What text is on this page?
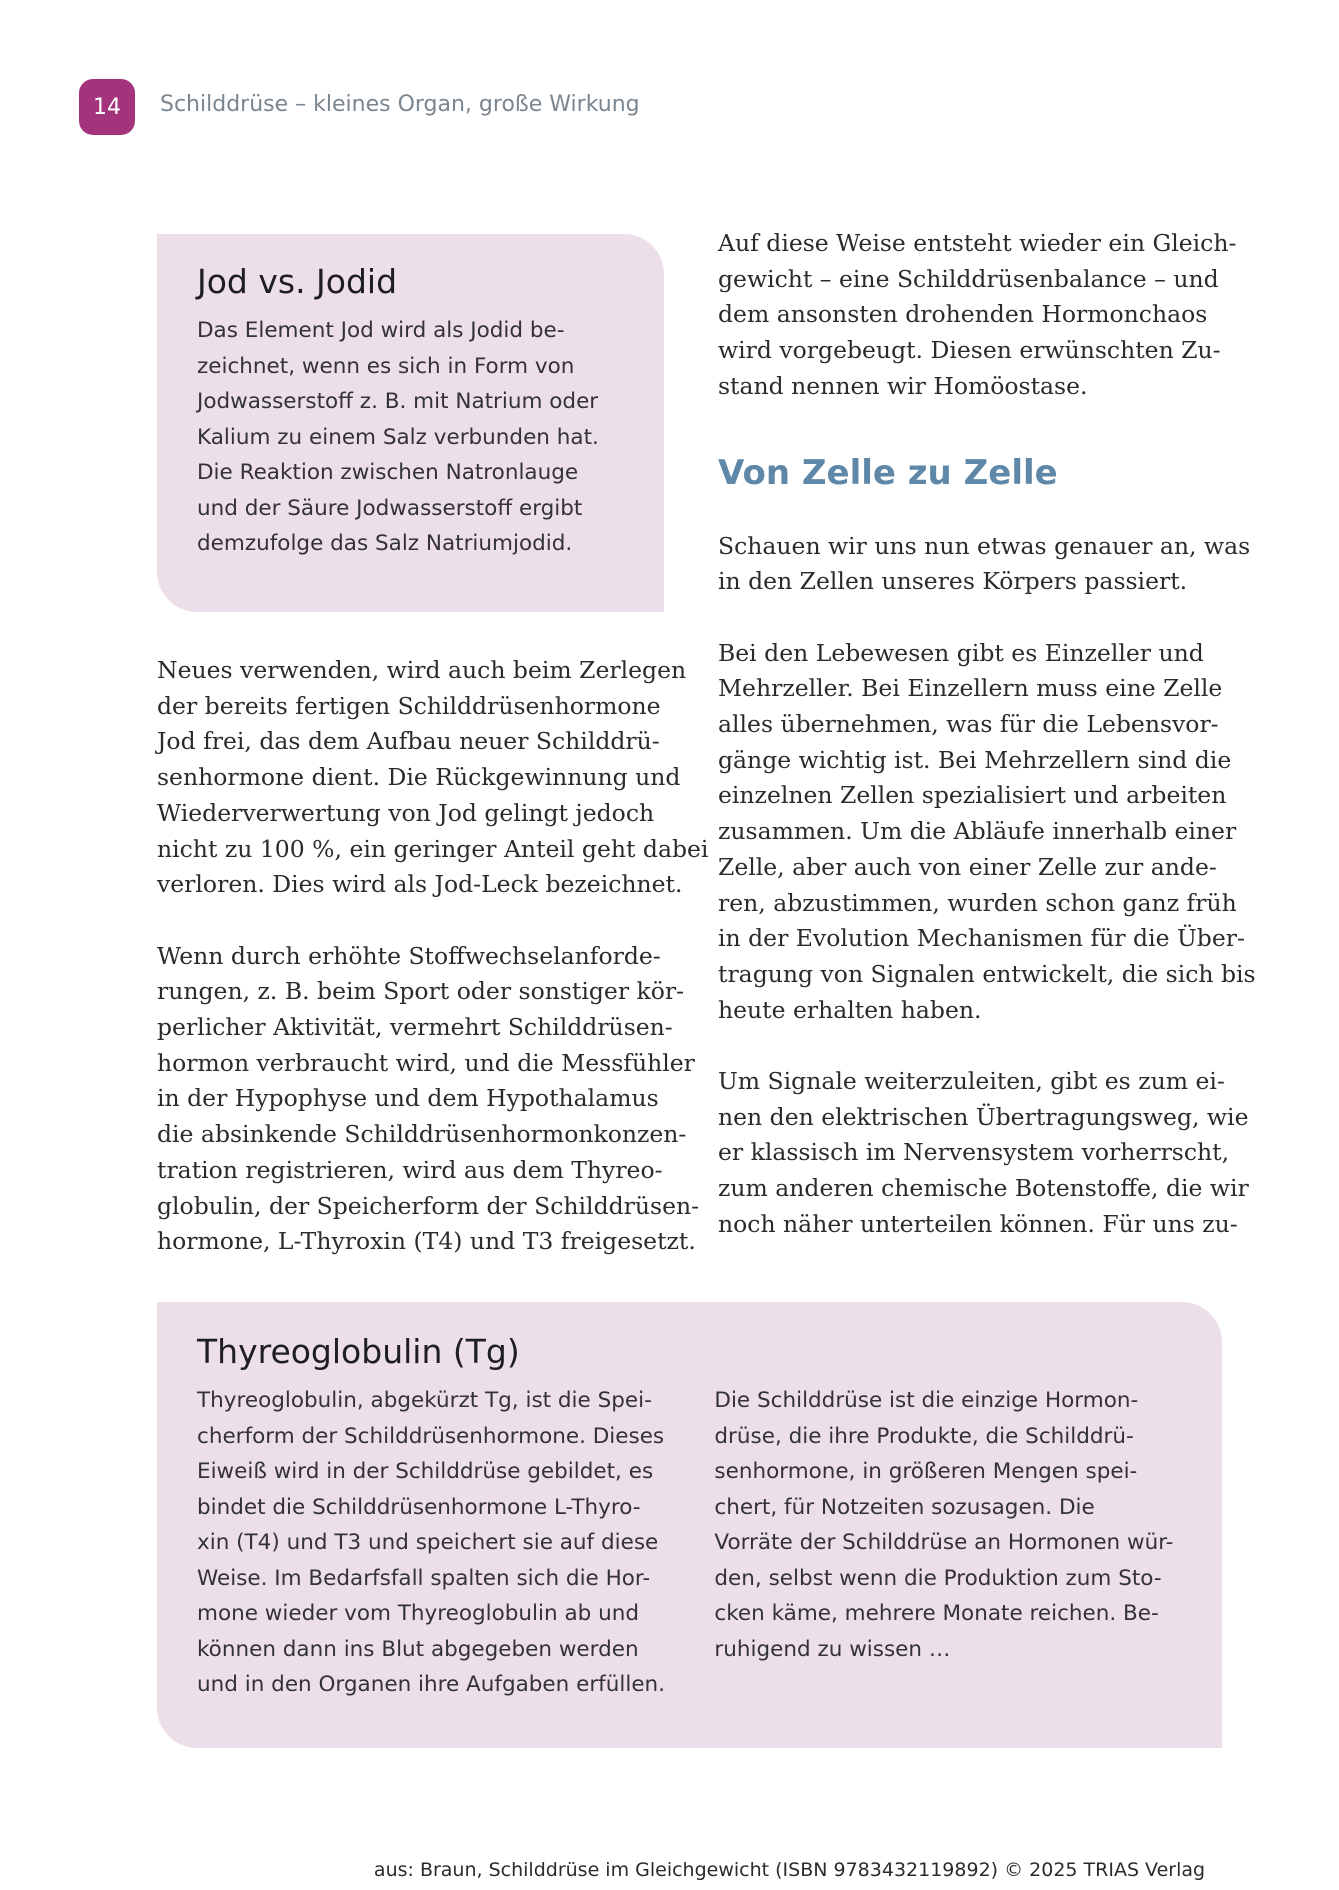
14 Schilddrüse – kleines Organ, große Wirkung
Jod vs. Jodid

Das Element Jod wird als Jodid be-
zeichnet, wenn es sich in Form von
Jodwasserstoff z. B. mit Natrium oder
Kalium zu einem Salz verbunden hat.
Die Reaktion zwischen Natronlauge
und der Säure Jodwasserstoff ergibt
demzufolge das Salz Natriumjodid.

Neues verwenden, wird auch beim Zerlegen

der bereits fertigen Schilddrüsenhormone

Jod frei, das dem Aufbau neuer Schilddrü-

senhormone dient. Die Rückgewinnung und

Wiederverwertung von Jod gelingt jedoch

nicht zu 100 %, ein geringer Anteil geht dabei

verloren. Dies wird als Jod-Leck bezeichnet.

Wenn durch erhöhte Stoffwechselanforde-

rungen, z. B. beim Sport oder sonstiger kör-

perlicher Aktivität, vermehrt Schilddrüsen-

hormon verbraucht wird, und die Messfühler

in der Hypophyse und dem Hypothalamus

die absinkende Schilddrüsenhormonkonzen-

tration registrieren, wird aus dem Thyreo-

globulin, der Speicherform der Schilddrüsen-

hormone, L-Thyroxin (T4) und T3 freigesetzt.

Auf diese Weise entsteht wieder ein Gleich-

gewicht – eine Schilddrüsenbalance – und

dem ansonsten drohenden Hormonchaos

wird vorgebeugt. Diesen erwünschten Zu-

stand nennen wir Homöostase.

Von Zelle zu Zelle

Schauen wir uns nun etwas genauer an, was

in den Zellen unseres Körpers passiert.

Bei den Lebewesen gibt es Einzeller und

Mehrzeller. Bei Einzellern muss eine Zelle

alles übernehmen, was für die Lebensvor-

gänge wichtig ist. Bei Mehrzellern sind die

einzelnen Zellen spezialisiert und arbeiten

zusammen. Um die Abläufe innerhalb einer

Zelle, aber auch von einer Zelle zur ande-

ren, abzustimmen, wurden schon ganz früh

in der Evolution Mechanismen für die Über-

tragung von Signalen entwickelt, die sich bis

heute erhalten haben.

Um Signale weiterzuleiten, gibt es zum ei-

nen den elektrischen Übertragungsweg, wie

er klassisch im Nervensystem vorherrscht,

zum anderen chemische Botenstoffe, die wir

noch näher unterteilen können. Für uns zu-

Thyreoglobulin (Tg)

Thyreoglobulin, abgekürzt Tg, ist die Spei-
cherform der Schilddrüsenhormone. Dieses
Eiweiß wird in der Schilddrüse gebildet, es
bindet die Schilddrüsenhormone L-Thyro-
xin (T4) und T3 und speichert sie auf diese
Weise. Im Bedarfsfall spalten sich die Hor-
mone wieder vom Thyreoglobulin ab und
können dann ins Blut abgegeben werden
und in den Organen ihre Aufgaben erfüllen.

Die Schilddrüse ist die einzige Hormon-
drüse, die ihre Produkte, die Schilddrü-
senhormone, in größeren Mengen spei-
chert, für Notzeiten sozusagen. Die
Vorräte der Schilddrüse an Hormonen wür-
den, selbst wenn die Produktion zum Sto-
cken käme, mehrere Monate reichen. Be-
ruhigend zu wissen …

aus: Braun, Schilddrüse im Gleichgewicht (ISBN 9783432119892) © 2025 TRIAS Verlag
